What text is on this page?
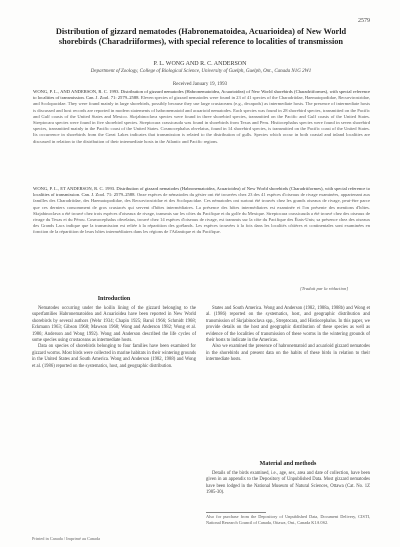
2579
Distribution of gizzard nematodes (Habronematoidea, Acuarioidea) of New World shorebirds (Charadriiformes), with special reference to localities of transmission
P. L. WONG AND R. C. ANDERSON
Department of Zoology, College of Biological Science, University of Guelph, Guelph, Ont., Canada N1G 2W1
Received January 19, 1993
WONG, P. L., AND ANDERSON, R. C. 1993. Distribution of gizzard nematodes (Habronematoidea, Acuarioidea) of New World shorebirds (Charadriiformes), with special reference to localities of transmission. Can. J. Zool. 71: 2579–2588. Eleven species of gizzard nematodes were found in 23 of 41 species of the Charadriidae, Haematopodidae, Recurvirostridae, and Scolopacidae. They were found mainly in large shorebirds, possibly because they use large crustaceans (e.g., decapods) as intermediate hosts. The presence of intermediate hosts is discussed and host records are reported in modern statements of habronematoid and acuarioid nematodes. Each species was found in 28 shorebird species, transmitted on the Pacific and Gulf coasts of the United States and Mexico. Skrjabinoclava species were found in three shorebird species, transmitted on the Pacific and Gulf coasts of the United States. Streptocara species were found in five shorebird species. Streptocara crassicauda was found in shorebirds from Texas and Peru. Histiocephalus species were found in seven shorebird species, transmitted mainly in the Pacific coast of the United States. Cosmocephalus obvelatus, found in 14 shorebird species, is transmitted on the Pacific coast of the United States. Its occurrence in shorebirds from the Great Lakes indicates that transmission is related to the distribution of gulls. Species which occur in both coastal and inland localities are discussed in relation to the distribution of their intermediate hosts in the Atlantic and Pacific regions.
WONG, P. L., ET ANDERSON, R. C. 1993. Distribution of gizzard nematodes (Habronematoidea, Acuarioidea) of New World shorebirds (Charadriiformes), with special reference to localities of transmission. Can. J. Zool. 71: 2579–2588. Onze espèces de nématodes du gésier ont été trouvées chez 23 des 41 espèces d'oiseaux de rivage examinées, appartenant aux familles des Charadriidae, des Haematopodidae, des Recurvirostridae et des Scolopacidae. Ces nématodes ont surtout été trouvés chez les grands oiseaux de rivage, peut-être parce que ces derniers consomment de gros crustacés qui servent d'hôtes intermédiaires. La présence des hôtes intermédiaires est examinée et l'on présente des mentions d'hôtes. Skrjabinoclava a été trouvé chez trois espèces d'oiseaux de rivage, transmis sur les côtes du Pacifique et du golfe du Mexique. Streptocara crassicauda a été trouvé chez des oiseaux de rivage du Texas et du Pérou. Cosmocephalus obvelatus, trouvé chez 14 espèces d'oiseaux de rivage, est transmis sur la côte du Pacifique des États-Unis; sa présence chez des oiseaux des Grands Lacs indique que la transmission est reliée à la répartition des goélands. Les espèces trouvées à la fois dans les localités côtières et continentales sont examinées en fonction de la répartition de leurs hôtes intermédiaires dans les régions de l'Atlantique et du Pacifique.
[Traduit par la rédaction]
Introduction

Nematodes occurring under the koilin lining of the gizzard belonging to the superfamilies Habronematoidea and Acuarioidea have been reported in New World shorebirds by several authors (Wehr 1934; Chapin 1925; Baruš 1966; Schmidt 1968; Eckmann 1963; Gibson 1968; Mawson 1968; Wong and Anderson 1982; Wong et al. 1986; Anderson and Wong 1992). Wong and Anderson described the life cycles of some species using crustaceans as intermediate hosts.

Data on species of shorebirds belonging to four families have been examined for gizzard worms. Most birds were collected in marine habitats in their wintering grounds in the United States and South America. Wong and Anderson (1982, 1988) and Wong et al. (1986) reported on the systematics, host, and geographic distribution.

States and South America. Wong and Anderson (1982, 1988a, 1988b) and Wong et al. (1986) reported on the systematics, host, and geographic distribution and transmission of Skrjabinoclava spp., Streptocara, and Histiocephalus. In this paper, we provide details on the host and geographic distribution of these species as well as evidence of the localities of transmission of these worms in the wintering grounds of their hosts to indicate in the Americas.

Also we examined the presence of habronematoid and acuarioid gizzard nematodes in the shorebirds and present data on the habits of these birds in relation to their intermediate hosts.

Material and methods

Details of the birds examined, i.e., age, sex, area and date of collection, have been given in an appendix to the Depository of Unpublished Data. Most gizzard nematodes have been lodged in the National Museum of Natural Sciences, Ottawa (Cat. No. 1Z 1985-30).

Also for purchase from the Depository of Unpublished Data, Document Delivery, CISTI, National Research Council of Canada, Ottawa, Ont., Canada K1A 0S2.
Printed in Canada / Imprimé au Canada
